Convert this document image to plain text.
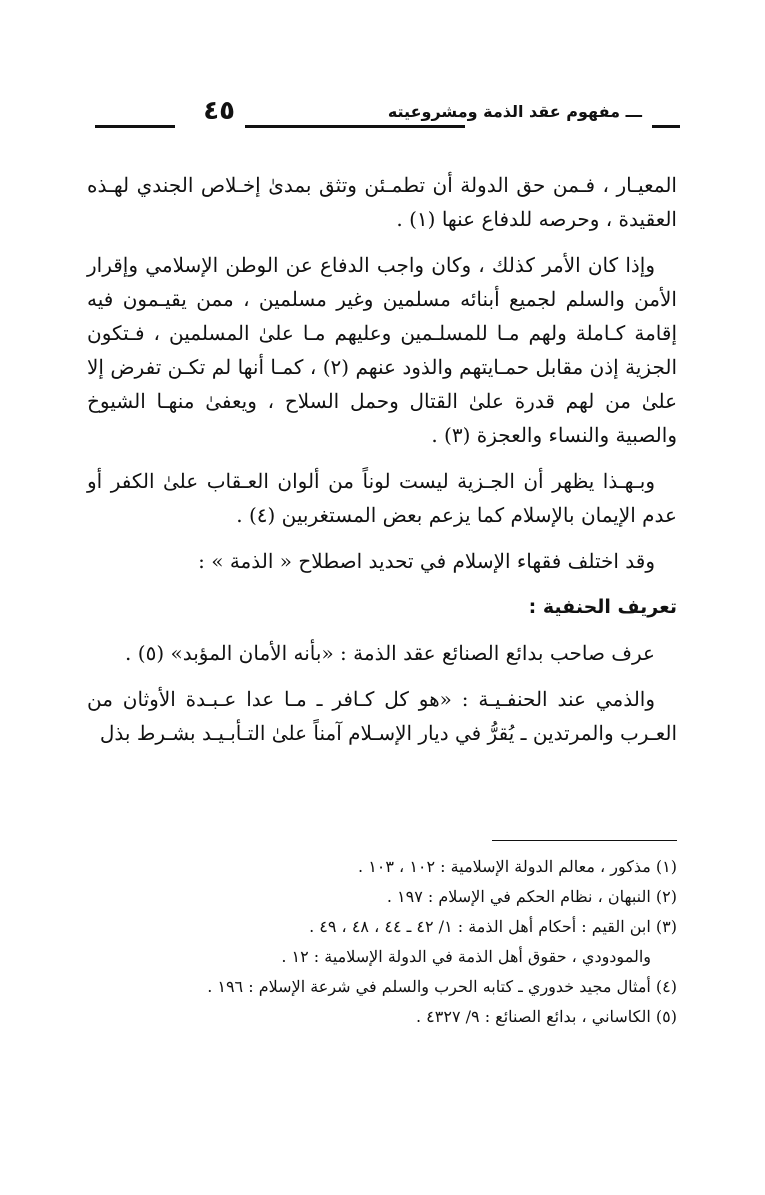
ـــ مفهوم عقد الذمة ومشروعيته
٤٥

المعيـار ، فـمن حق الدولة أن تطمـئن وتثق بمدىٰ إخـلاص الجندي لهـذه العقيدة ، وحرصه للدفاع عنها (١) .

وإذا كان الأمر كذلك ، وكان واجب الدفاع عن الوطن الإسلامي وإقرار الأمن والسلم لجميع أبنائه مسلمين وغير مسلمين ، ممن يقيـمون فيه إقامة كـاملة ولهم مـا للمسلـمين وعليهم مـا علىٰ المسلمين ، فـتكون الجزية إذن مقابل حمـايتهم والذود عنهم (٢) ، كمـا أنها لم تكـن تفرض إلا علىٰ من لهم قدرة علىٰ القتال وحمل السلاح ، ويعفىٰ منهـا الشيوخ والصبية والنساء والعجزة (٣) .

وبـهـذا يظهر أن الجـزية ليست لوناً من ألوان العـقاب علىٰ الكفر أو عدم الإيمان بالإسلام كما يزعم بعض المستغربين (٤) .

وقد اختلف فقهاء الإسلام في تحديد اصطلاح « الذمة » :

تعريف الحنفية :

عرف صاحب بدائع الصنائع عقد الذمة : «بأنه الأمان المؤبد» (٥) .

والذمي عند الحنفـيـة : «هو كل كـافر ـ مـا عدا عـبـدة الأوثان من العـرب والمرتدين ـ يُقرُّ في ديار الإسـلام آمناً علىٰ التـأبـيـد بشـرط بذل

(١) مذكور ، معالم الدولة الإسلامية : ١٠٢ ، ١٠٣ .
(٢) النبهان ، نظام الحكم في الإسلام : ١٩٧ .
(٣) ابن القيم : أحكام أهل الذمة : ١/ ٤٢ ـ ٤٤ ، ٤٨ ، ٤٩ .
والمودودي ، حقوق أهل الذمة في الدولة الإسلامية : ١٢ .
(٤) أمثال مجيد خدوري ـ كتابه الحرب والسلم في شرعة الإسلام : ١٩٦ .
(٥) الكاساني ، بدائع الصنائع : ٩/ ٤٣٢٧ .
